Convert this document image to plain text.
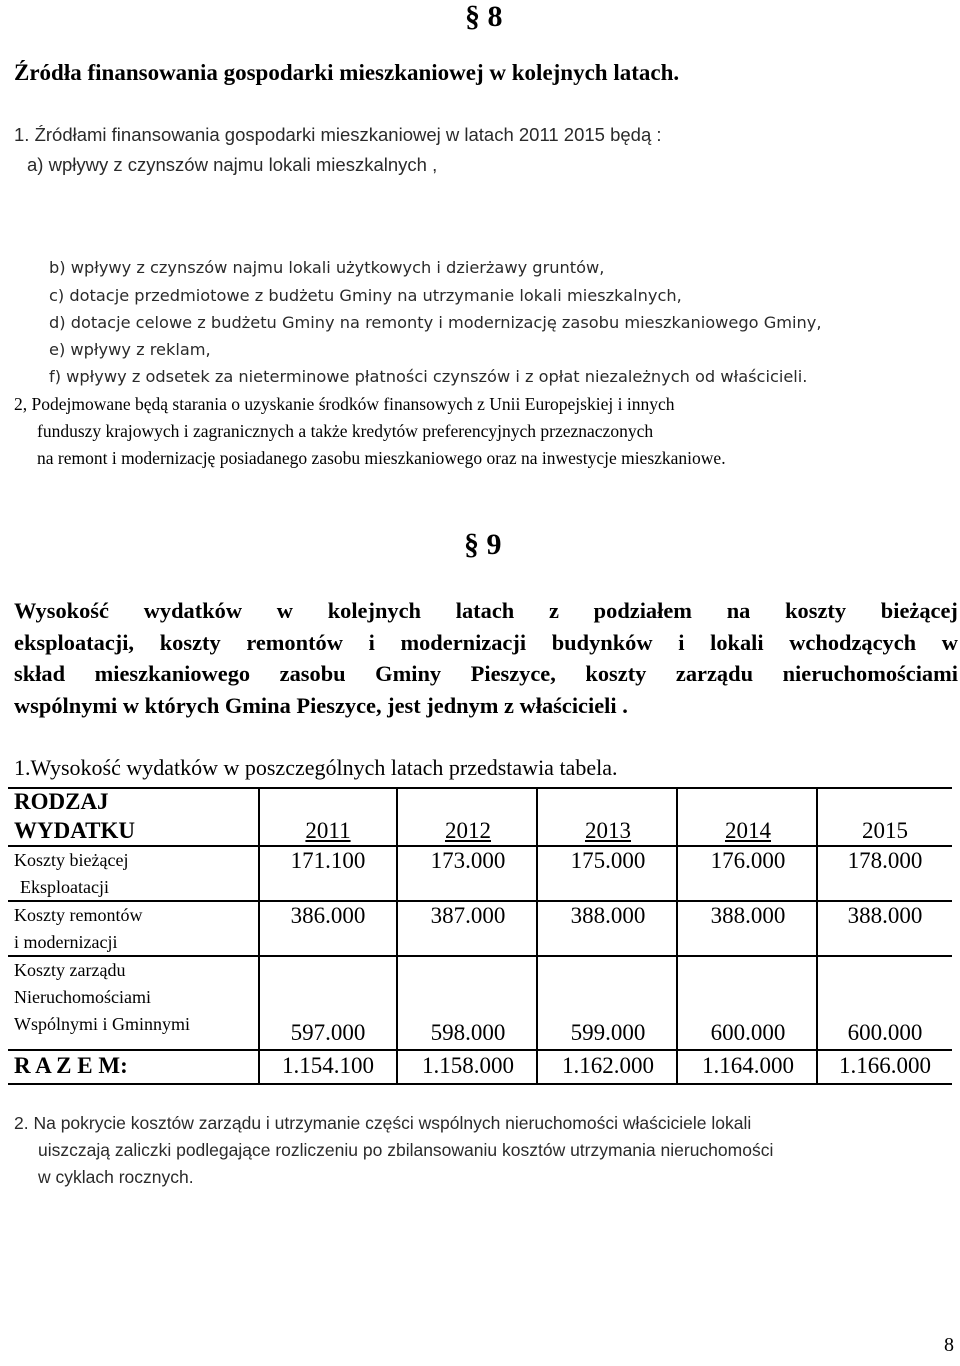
§ 8
Źródła finansowania gospodarki mieszkaniowej w kolejnych latach.
1. Źródłami finansowania gospodarki mieszkaniowej w latach 2011 2015 będą :
a) wpływy z czynszów najmu lokali mieszkalnych ,
b) wpływy z czynszów najmu lokali użytkowych i dzierżawy gruntów,
c) dotacje przedmiotowe z budżetu Gminy na utrzymanie lokali mieszkalnych,
d) dotacje celowe z budżetu Gminy na remonty i modernizację zasobu mieszkaniowego Gminy,
e) wpływy z reklam,
f) wpływy z odsetek za nieterminowe płatności czynszów i z opłat niezależnych od właścicieli.
2, Podejmowane będą starania o uzyskanie środków finansowych z Unii Europejskiej i innych
funduszy krajowych i zagranicznych a także kredytów preferencyjnych przeznaczonych
na remont i modernizację posiadanego zasobu mieszkaniowego oraz na inwestycje mieszkaniowe.
§ 9
Wysokość wydatków w kolejnych latach z podziałem na koszty bieżącej
eksploatacji, koszty remontów i modernizacji budynków i lokali wchodzących w
skład mieszkaniowego zasobu Gminy Pieszyce, koszty zarządu nieruchomościami
wspólnymi w których Gmina Pieszyce, jest jednym z właścicieli .
1.Wysokość wydatków w poszczególnych latach przedstawia tabela.
RODZAJ
WYDATKU	2011	2012	2013	2014	2015
Koszty bieżącej
Eksploatacji
171.100	173.000	175.000	176.000	178.000
Koszty remontów
i modernizacji
386.000	387.000	388.000	388.000	388.000
Koszty zarządu
Nieruchomościami
Wspólnymi i Gminnymi	597.000	598.000	599.000	600.000	600.000
R A Z E M:	1.154.100	1.158.000	1.162.000	1.164.000	1.166.000
2. Na pokrycie kosztów zarządu i utrzymanie części wspólnych nieruchomości właściciele lokali
uiszczają zaliczki podlegające rozliczeniu po zbilansowaniu kosztów utrzymania nieruchomości
w cyklach rocznych.
8
